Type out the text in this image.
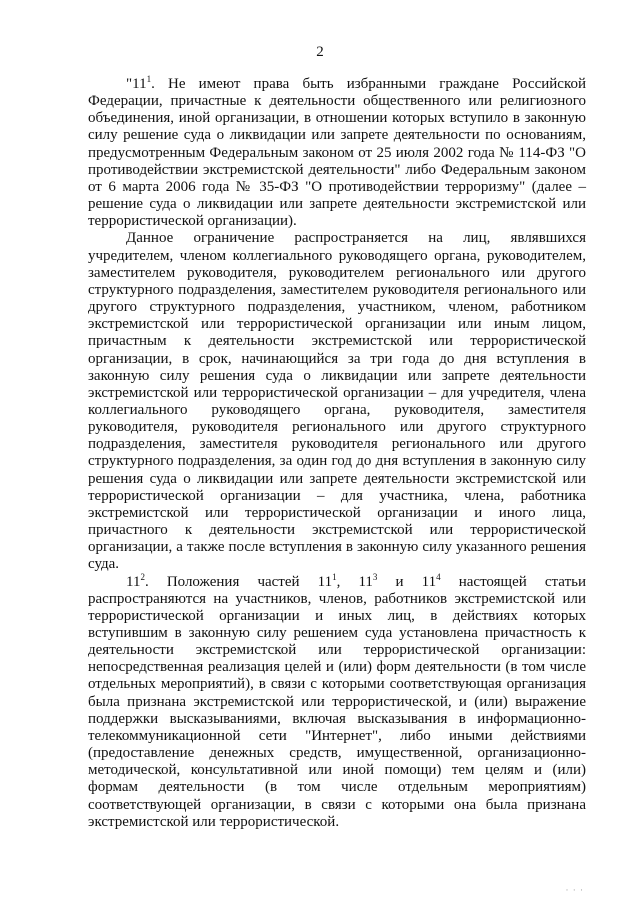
2

"$11^1$. Не имеют права быть избранными граждане Российской Федерации, причастные к деятельности общественного или религиозного объединения, иной организации, в отношении которых вступило в законную силу решение суда о ликвидации или запрете деятельности по основаниям, предусмотренным Федеральным законом от 25 июля 2002 года № 114-ФЗ "О противодействии экстремистской деятельности" либо Федеральным законом от 6 марта 2006 года № 35-ФЗ "О противодействии терроризму" (далее – решение суда о ликвидации или запрете деятельности экстремистской или террористической организации).

Данное ограничение распространяется на лиц, являвшихся учредителем, членом коллегиального руководящего органа, руководителем, заместителем руководителя, руководителем регионального или другого структурного подразделения, заместителем руководителя регионального или другого структурного подразделения, участником, членом, работником экстремистской или террористической организации или иным лицом, причастным к деятельности экстремистской или террористической организации, в срок, начинающийся за три года до дня вступления в законную силу решения суда о ликвидации или запрете деятельности экстремистской или террористической организации – для учредителя, члена коллегиального руководящего органа, руководителя, заместителя руководителя, руководителя регионального или другого структурного подразделения, заместителя руководителя регионального или другого структурного подразделения, за один год до дня вступления в законную силу решения суда о ликвидации или запрете деятельности экстремистской или террористической организации – для участника, члена, работника экстремистской или террористической организации и иного лица, причастного к деятельности экстремистской или террористической организации, а также после вступления в законную силу указанного решения суда.

$11^2$. Положения частей $11^1$, $11^3$ и $11^4$ настоящей статьи распространяются на участников, членов, работников экстремистской или террористической организации и иных лиц, в действиях которых вступившим в законную силу решением суда установлена причастность к деятельности экстремистской или террористической организации: непосредственная реализация целей и (или) форм деятельности (в том числе отдельных мероприятий), в связи с которыми соответствующая организация была признана экстремистской или террористической, и (или) выражение поддержки высказываниями, включая высказывания в информационно-телекоммуникационной сети "Интернет", либо иными действиями (предоставление денежных средств, имущественной, организационно-методической, консультативной или иной помощи) тем целям и (или) формам деятельности (в том числе отдельным мероприятиям) соответствующей организации, в связи с которыми она была признана экстремистской или террористической.

· · ·
